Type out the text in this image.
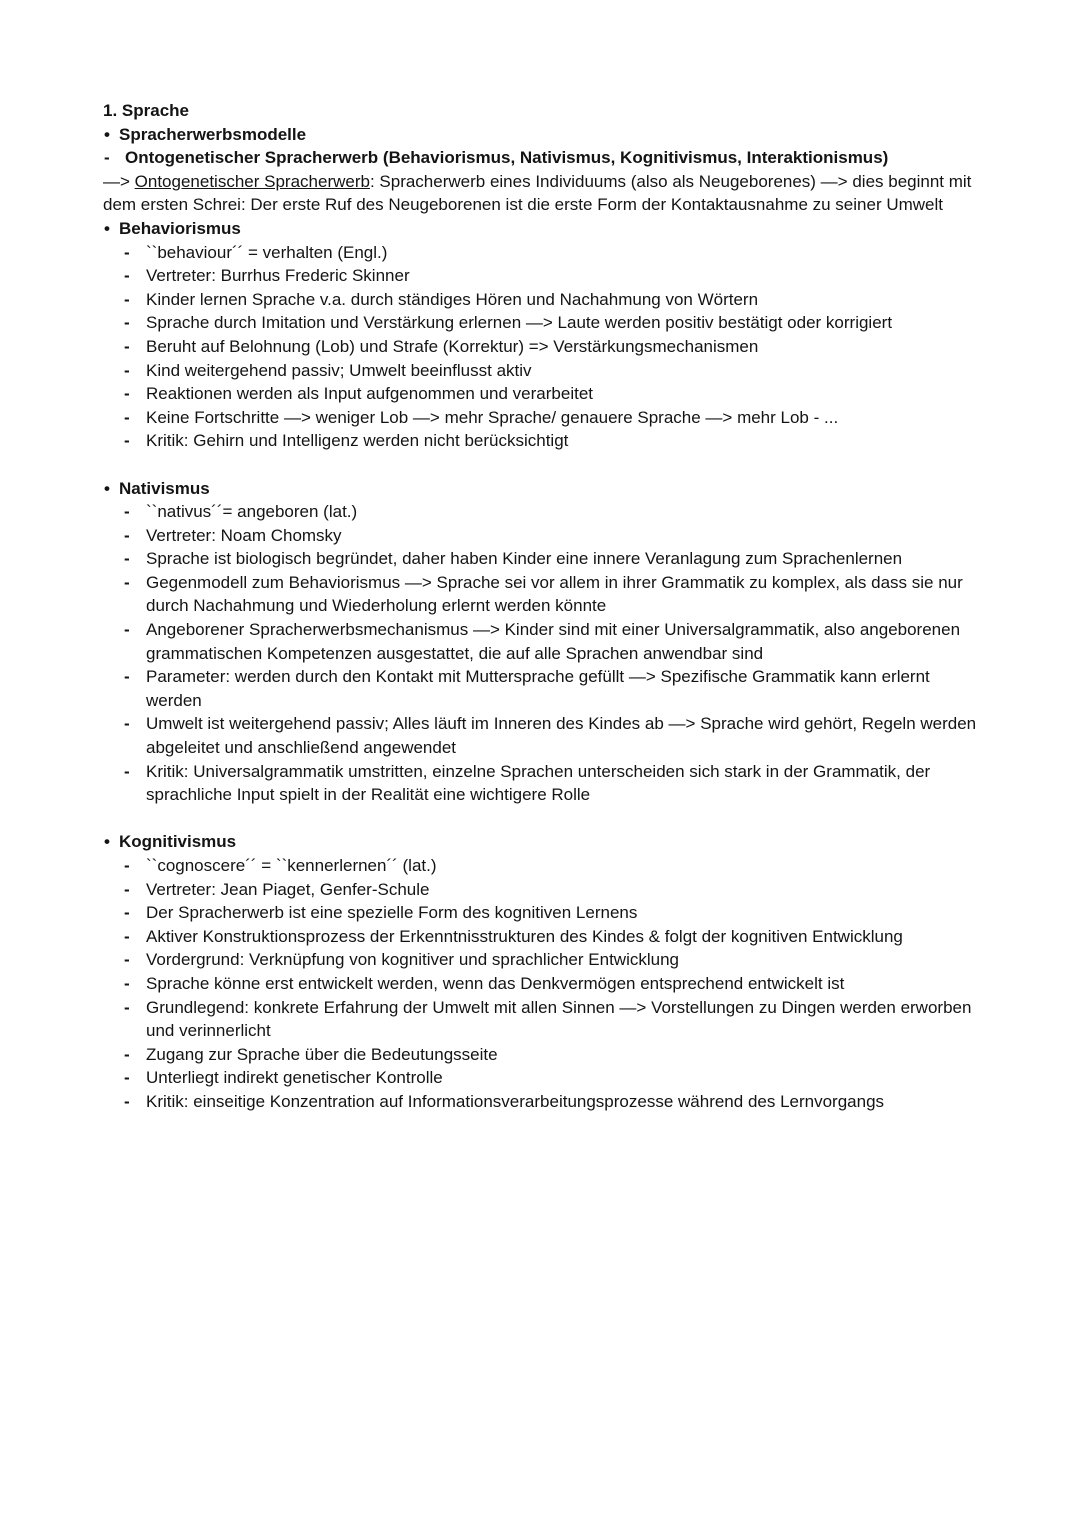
1. Sprache
• Spracherwerbsmodelle
- Ontogenetischer Spracherwerb (Behaviorismus, Nativismus, Kognitivismus, Interaktionismus)
—> Ontogenetischer Spracherwerb: Spracherwerb eines Individuums (also als Neugeborenes) —> dies beginnt mit dem ersten Schrei: Der erste Ruf des Neugeborenen ist die erste Form der Kontaktausnahme zu seiner Umwelt
• Behaviorismus
- ``behaviour´´ = verhalten (Engl.)
- Vertreter: Burrhus Frederic Skinner
- Kinder lernen Sprache v.a. durch ständiges Hören und Nachahmung von Wörtern
- Sprache durch Imitation und Verstärkung erlernen —> Laute werden positiv bestätigt oder korrigiert
- Beruht auf Belohnung (Lob) und Strafe (Korrektur) => Verstärkungsmechanismen
- Kind weitergehend passiv; Umwelt beeinflusst aktiv
- Reaktionen werden als Input aufgenommen und verarbeitet
- Keine Fortschritte —> weniger Lob —> mehr Sprache/ genauere Sprache —> mehr Lob - ...
- Kritik: Gehirn und Intelligenz werden nicht berücksichtigt
• Nativismus
- ``nativus´´= angeboren (lat.)
- Vertreter: Noam Chomsky
- Sprache ist biologisch begründet, daher haben Kinder eine innere Veranlagung zum Sprachenlernen
- Gegenmodell zum Behaviorismus —> Sprache sei vor allem in ihrer Grammatik zu komplex, als dass sie nur durch Nachahmung und Wiederholung erlernt werden könnte
- Angeborener Spracherwerbsmechanismus —> Kinder sind mit einer Universalgrammatik, also angeborenen grammatischen Kompetenzen ausgestattet, die auf alle Sprachen anwendbar sind
- Parameter: werden durch den Kontakt mit Muttersprache gefüllt —> Spezifische Grammatik kann erlernt werden
- Umwelt ist weitergehend passiv; Alles läuft im Inneren des Kindes ab —> Sprache wird gehört, Regeln werden abgeleitet und anschließend angewendet
- Kritik: Universalgrammatik umstritten, einzelne Sprachen unterscheiden sich stark in der Grammatik, der sprachliche Input spielt in der Realität eine wichtigere Rolle
• Kognitivismus
- ``cognoscere´´ = ``kennerlernen´´ (lat.)
- Vertreter: Jean Piaget, Genfer-Schule
- Der Spracherwerb ist eine spezielle Form des kognitiven Lernens
- Aktiver Konstruktionsprozess der Erkenntnisstrukturen des Kindes & folgt der kognitiven Entwicklung
- Vordergrund: Verknüpfung von kognitiver und sprachlicher Entwicklung
- Sprache könne erst entwickelt werden, wenn das Denkvermögen entsprechend entwickelt ist
- Grundlegend: konkrete Erfahrung der Umwelt mit allen Sinnen —> Vorstellungen zu Dingen werden erworben und verinnerlicht
- Zugang zur Sprache über die Bedeutungsseite
- Unterliegt indirekt genetischer Kontrolle
- Kritik: einseitige Konzentration auf Informationsverarbeitungsprozesse während des Lernvorgangs
